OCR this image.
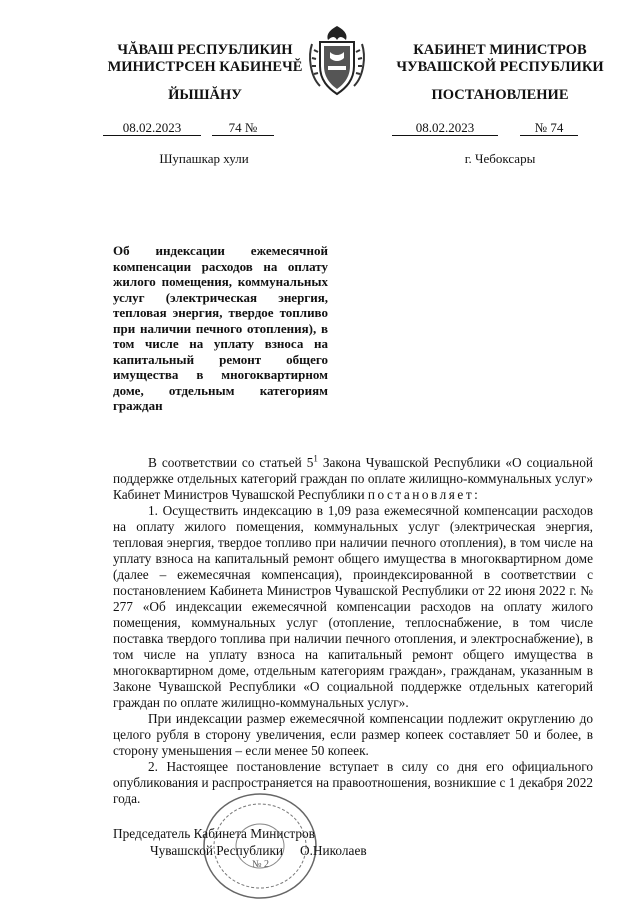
ЧĂВАШ РЕСПУБЛИКИН МИНИСТРСЕН КАБИНЕЧĔ
КАБИНЕТ МИНИСТРОВ ЧУВАШСКОЙ РЕСПУБЛИКИ
ЙЫШĂНУ	ПОСТАНОВЛЕНИЕ
08.02.2023	74 №	08.02.2023	№ 74
Шупашкар хули	г. Чебоксары
Об индексации ежемесячной компенсации расходов на оплату жилого помещения, коммунальных услуг (электрическая энергия, тепловая энергия, твердое топливо при наличии печного отопления), в том числе на уплату взноса на капитальный ремонт общего имущества в многоквартирном доме, отдельным категориям граждан

В соответствии со статьей $5^1$ Закона Чувашской Республики «О социальной поддержке отдельных категорий граждан по оплате жилищно-коммунальных услуг» Кабинет Министров Чувашской Республики постановляет:

1. Осуществить индексацию в 1,09 раза ежемесячной компенсации расходов на оплату жилого помещения, коммунальных услуг (электрическая энергия, тепловая энергия, твердое топливо при наличии печного отопления), в том числе на уплату взноса на капитальный ремонт общего имущества в многоквартирном доме (далее – ежемесячная компенсация), проиндексированной в соответствии с постановлением Кабинета Министров Чувашской Республики от 22 июня 2022 г. № 277 «Об индексации ежемесячной компенсации расходов на оплату жилого помещения, коммунальных услуг (отопление, теплоснабжение, в том числе поставка твердого топлива при наличии печного отопления, и электроснабжение), в том числе на уплату взноса на капитальный ремонт общего имущества в многоквартирном доме, отдельным категориям граждан», гражданам, указанным в Законе Чувашской Республики «О социальной поддержке отдельных категорий граждан по оплате жилищно-коммунальных услуг».

При индексации размер ежемесячной компенсации подлежит округлению до целого рубля в сторону увеличения, если размер копеек составляет 50 и более, в сторону уменьшения – если менее 50 копеек.

2. Настоящее постановление вступает в силу со дня его официального опубликования и распространяется на правоотношения, возникшие с 1 декабря 2022 года.

№ 2
Председатель Кабинета Министров
Чувашской Республики О.Николаев
